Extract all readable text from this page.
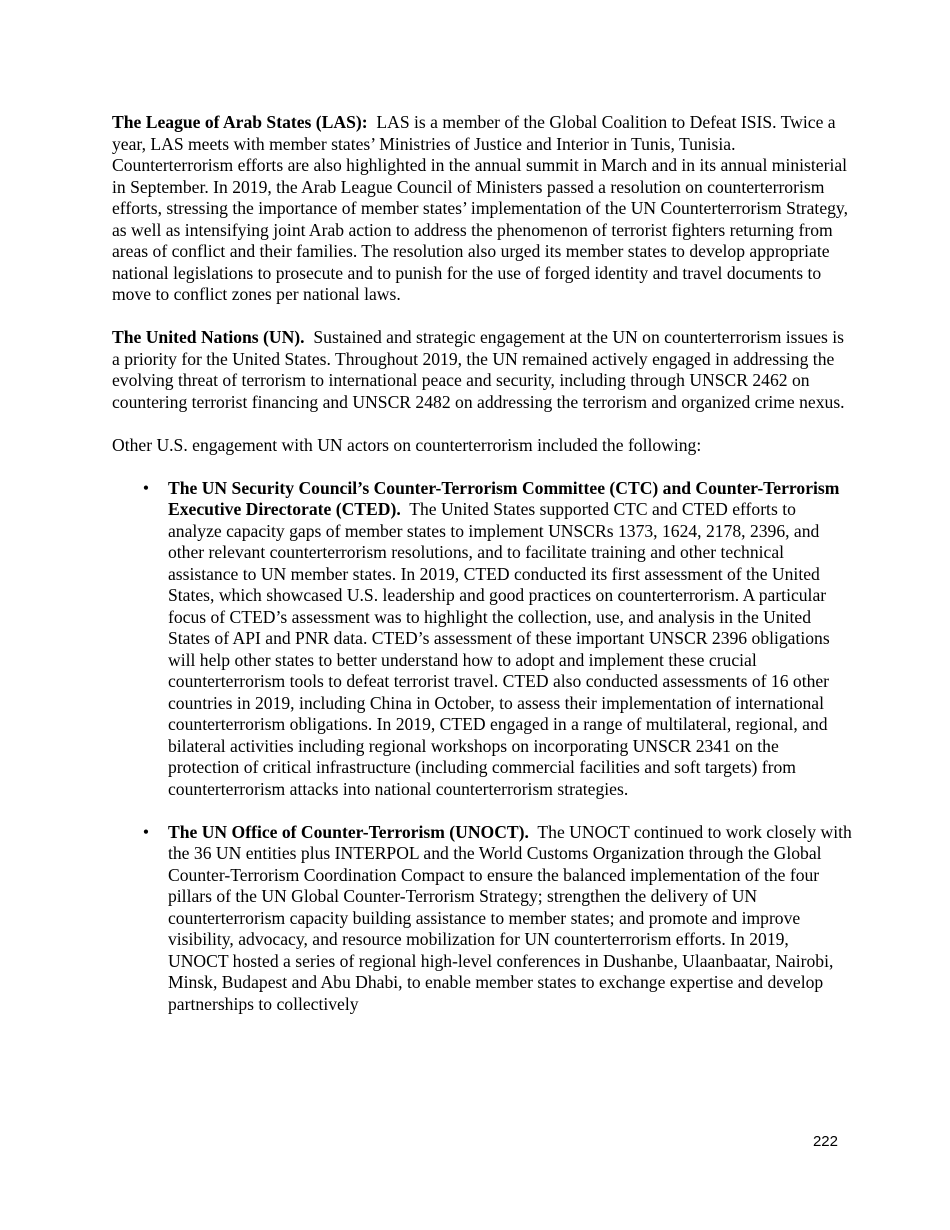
The League of Arab States (LAS): LAS is a member of the Global Coalition to Defeat ISIS. Twice a year, LAS meets with member states’ Ministries of Justice and Interior in Tunis, Tunisia. Counterterrorism efforts are also highlighted in the annual summit in March and in its annual ministerial in September. In 2019, the Arab League Council of Ministers passed a resolution on counterterrorism efforts, stressing the importance of member states’ implementation of the UN Counterterrorism Strategy, as well as intensifying joint Arab action to address the phenomenon of terrorist fighters returning from areas of conflict and their families. The resolution also urged its member states to develop appropriate national legislations to prosecute and to punish for the use of forged identity and travel documents to move to conflict zones per national laws.

The United Nations (UN). Sustained and strategic engagement at the UN on counterterrorism issues is a priority for the United States. Throughout 2019, the UN remained actively engaged in addressing the evolving threat of terrorism to international peace and security, including through UNSCR 2462 on countering terrorist financing and UNSCR 2482 on addressing the terrorism and organized crime nexus.

Other U.S. engagement with UN actors on counterterrorism included the following:

• The UN Security Council’s Counter-Terrorism Committee (CTC) and Counter-Terrorism Executive Directorate (CTED). The United States supported CTC and CTED efforts to analyze capacity gaps of member states to implement UNSCRs 1373, 1624, 2178, 2396, and other relevant counterterrorism resolutions, and to facilitate training and other technical assistance to UN member states. In 2019, CTED conducted its first assessment of the United States, which showcased U.S. leadership and good practices on counterterrorism. A particular focus of CTED’s assessment was to highlight the collection, use, and analysis in the United States of API and PNR data. CTED’s assessment of these important UNSCR 2396 obligations will help other states to better understand how to adopt and implement these crucial counterterrorism tools to defeat terrorist travel. CTED also conducted assessments of 16 other countries in 2019, including China in October, to assess their implementation of international counterterrorism obligations. In 2019, CTED engaged in a range of multilateral, regional, and bilateral activities including regional workshops on incorporating UNSCR 2341 on the protection of critical infrastructure (including commercial facilities and soft targets) from counterterrorism attacks into national counterterrorism strategies.
• The UN Office of Counter-Terrorism (UNOCT). The UNOCT continued to work closely with the 36 UN entities plus INTERPOL and the World Customs Organization through the Global Counter-Terrorism Coordination Compact to ensure the balanced implementation of the four pillars of the UN Global Counter-Terrorism Strategy; strengthen the delivery of UN counterterrorism capacity building assistance to member states; and promote and improve visibility, advocacy, and resource mobilization for UN counterterrorism efforts. In 2019, UNOCT hosted a series of regional high-level conferences in Dushanbe, Ulaanbaatar, Nairobi, Minsk, Budapest and Abu Dhabi, to enable member states to exchange expertise and develop partnerships to collectively
222
